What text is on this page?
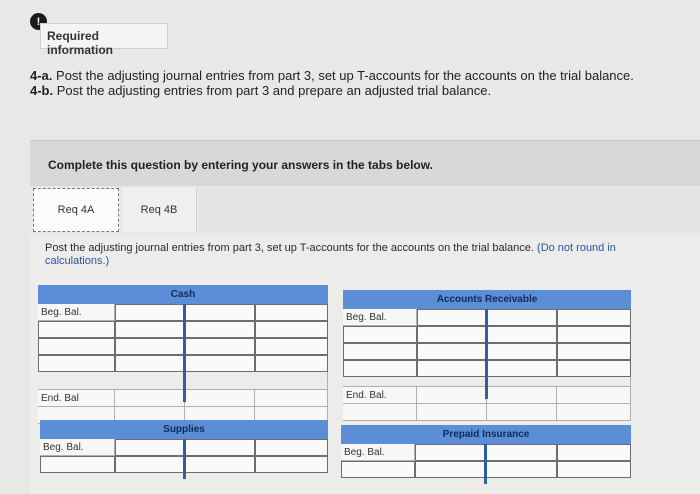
!
Required information
4-a. Post the adjusting journal entries from part 3, set up T-accounts for the accounts on the trial balance.
4-b. Post the adjusting entries from part 3 and prepare an adjusted trial balance.
Complete this question by entering your answers in the tabs below.
Req 4A	Req 4B
Post the adjusting journal entries from part 3, set up T-accounts for the accounts on the trial balance. (Do not round in
calculations.)
Cash
Beg. Bal.
End. Bal
Accounts Receivable
Beg. Bal.
End. Bal.
Supplies
Beg. Bal.
Prepaid Insurance
Beg. Bal.
